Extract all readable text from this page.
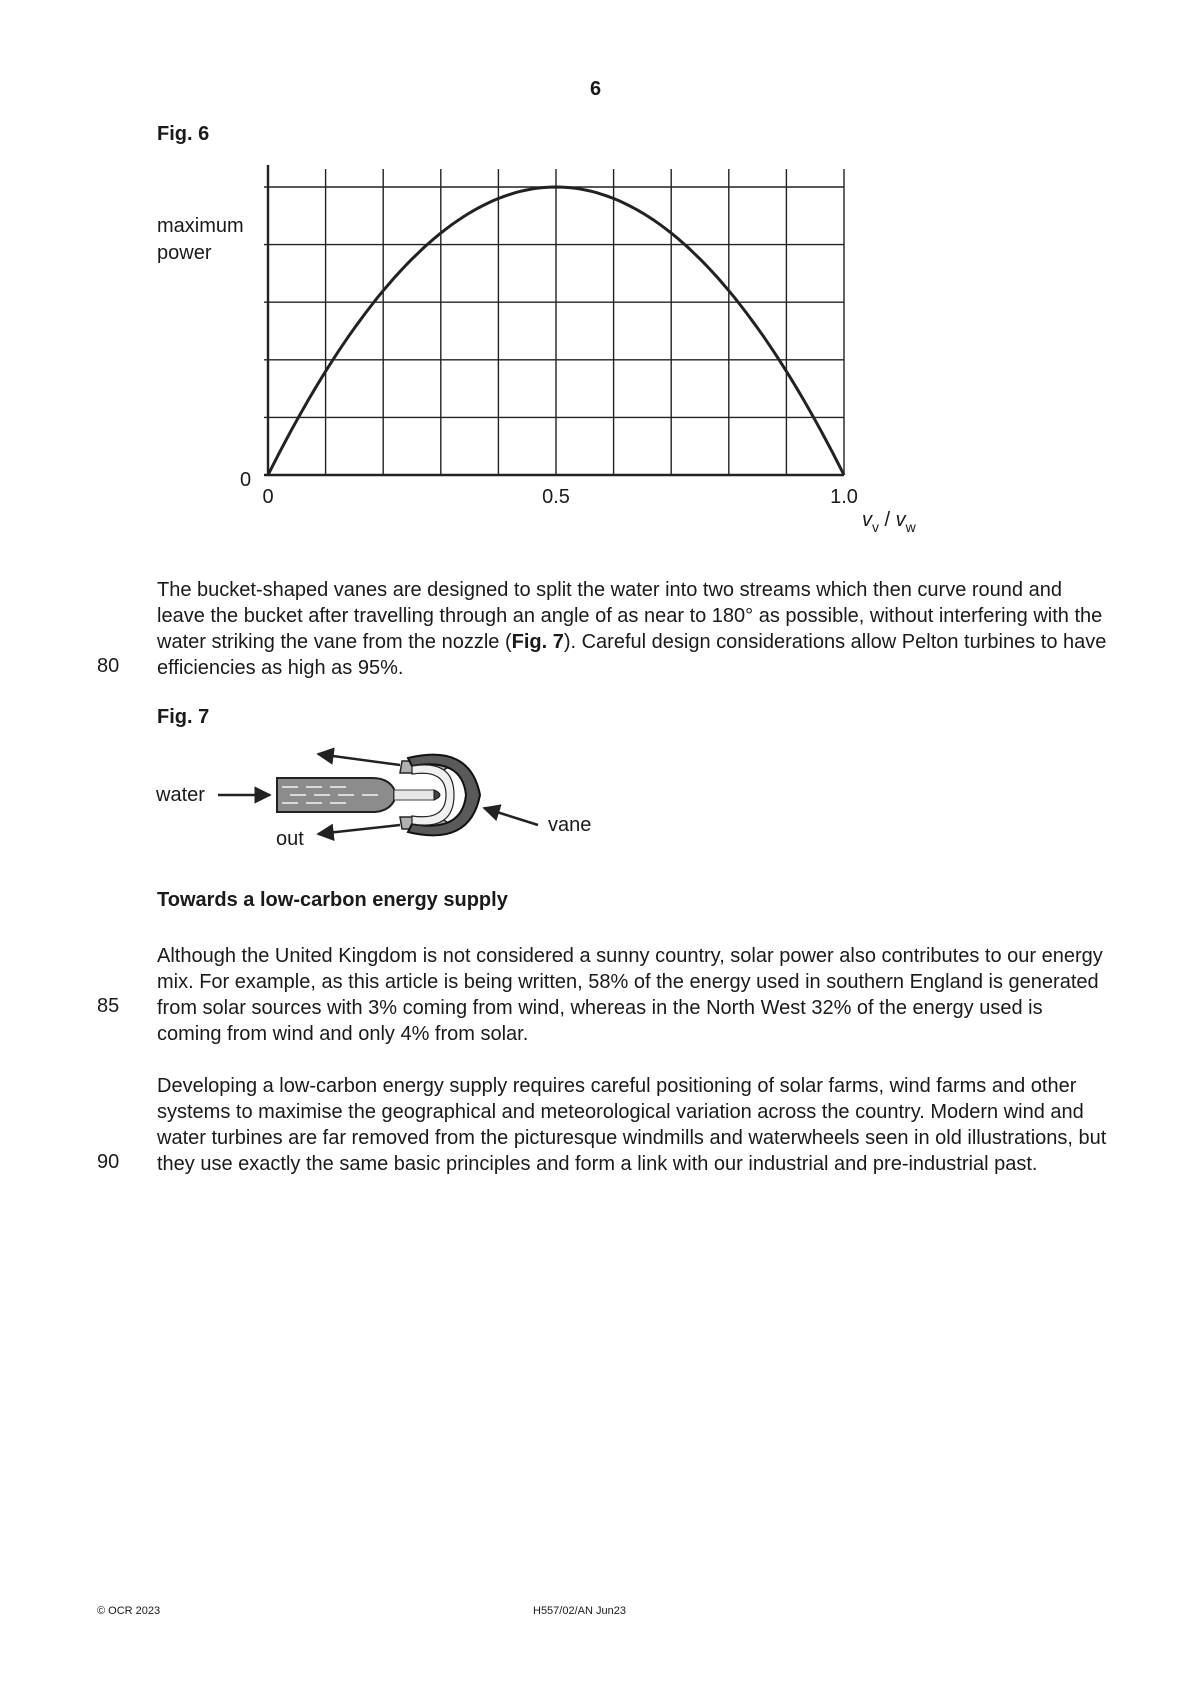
6
Fig. 6
maximum
power
0
0	0.5	1.0
$v_v / v_w$

The bucket-shaped vanes are designed to split the water into two streams which then curve round and leave the bucket after travelling through an angle of as near to 180° as possible, without interfering with the water striking the vane from the nozzle (Fig. 7). Careful design considerations allow Pelton turbines to have efficiencies as high as 95%.

80
Fig. 7
water
out
vane
Towards a low-carbon energy supply

Although the United Kingdom is not considered a sunny country, solar power also contributes to our energy mix. For example, as this article is being written, 58% of the energy used in southern England is generated from solar sources with 3% coming from wind, whereas in the North West 32% of the energy used is coming from wind and only 4% from solar.

85

Developing a low-carbon energy supply requires careful positioning of solar farms, wind farms and other systems to maximise the geographical and meteorological variation across the country. Modern wind and water turbines are far removed from the picturesque windmills and waterwheels seen in old illustrations, but they use exactly the same basic principles and form a link with our industrial and pre-industrial past.

90
© OCR 2023	H557/02/AN Jun23
